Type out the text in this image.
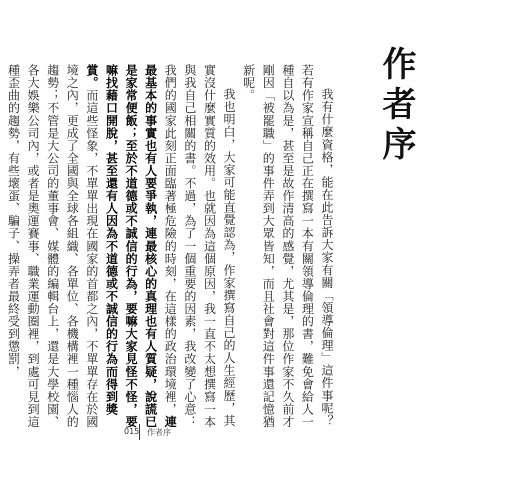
作者序

我有什麼資格，能在此告訴大家有關「領導倫理」這件事呢？若有作家宣稱自己正在撰寫一本有關領導倫理的書，難免會給人一種自以為是，甚至是故作清高的感覺，尤其是，那位作家不久前才剛因「被罷職」的事件弄到大眾皆知，而且社會對這件事還記憶猶新呢。

我也明白，大家可能直覺認為，作家撰寫自己的人生經歷，其實沒什麼實質的效用。也就因為這個原因，我一直不太想撰寫一本與我自己相關的書。不過，為了一個重要的因素，我改變了心意：我們的國家此刻正面臨著極危險的時刻，在這樣的政治環境裡，連最基本的事實也有人要爭執，連最核心的真理也有人質疑，說謊已是家常便飯；至於不道德或不誠信的行為，要嘛大家見怪不怪，要嘛找藉口開脫，甚至還有人因為不道德或不誠信的行為而得到獎賞。而這些怪象，不單單出現在國家的首都之內，不單單存在於國境之內，更成了全國與全球各組織、各單位、各機構裡一種惱人的趨勢；不管是大公司的董事會、媒體的編輯台上，還是大學校園、各大娛樂公司內，或者是奧運賽事、職業運動圈裡，到處可見到這種歪曲的趨勢，有些壞蛋、騙子、操弄者最終受到懲罰，

015 作者序
